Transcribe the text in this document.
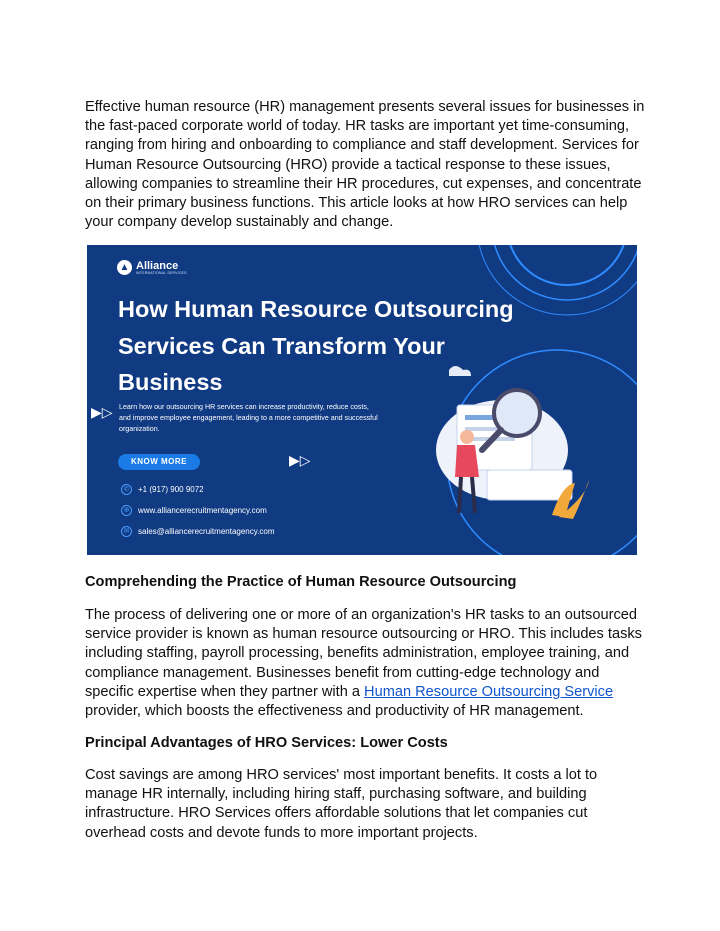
Effective human resource (HR) management presents several issues for businesses in the fast-paced corporate world of today. HR tasks are important yet time-consuming, ranging from hiring and onboarding to compliance and staff development. Services for Human Resource Outsourcing (HRO) provide a tactical response to these issues, allowing companies to streamline their HR procedures, cut expenses, and concentrate on their primary business functions. This article looks at how HRO services can help your company develop sustainably and change.

▲ Alliance
INTERNATIONAL SERVICES
How Human Resource Outsourcing Services Can Transform Your Business
▶▷ Learn how our outsourcing HR services can increase productivity, reduce costs, and improve employee engagement, leading to a more competitive and successful organization.
KNOW MORE	▶▷
✆	+1 (917) 900 9072
⊕	www.alliancerecruitmentagency.com
✉	sales@alliancerecruitmentagency.com

Comprehending the Practice of Human Resource Outsourcing

The process of delivering one or more of an organization's HR tasks to an outsourced service provider is known as human resource outsourcing or HRO. This includes tasks including staffing, payroll processing, benefits administration, employee training, and compliance management. Businesses benefit from cutting-edge technology and specific expertise when they partner with a Human Resource Outsourcing Service provider, which boosts the effectiveness and productivity of HR management.

Principal Advantages of HRO Services: Lower Costs

Cost savings are among HRO services' most important benefits. It costs a lot to manage HR internally, including hiring staff, purchasing software, and building infrastructure. HRO Services offers affordable solutions that let companies cut overhead costs and devote funds to more important projects.
